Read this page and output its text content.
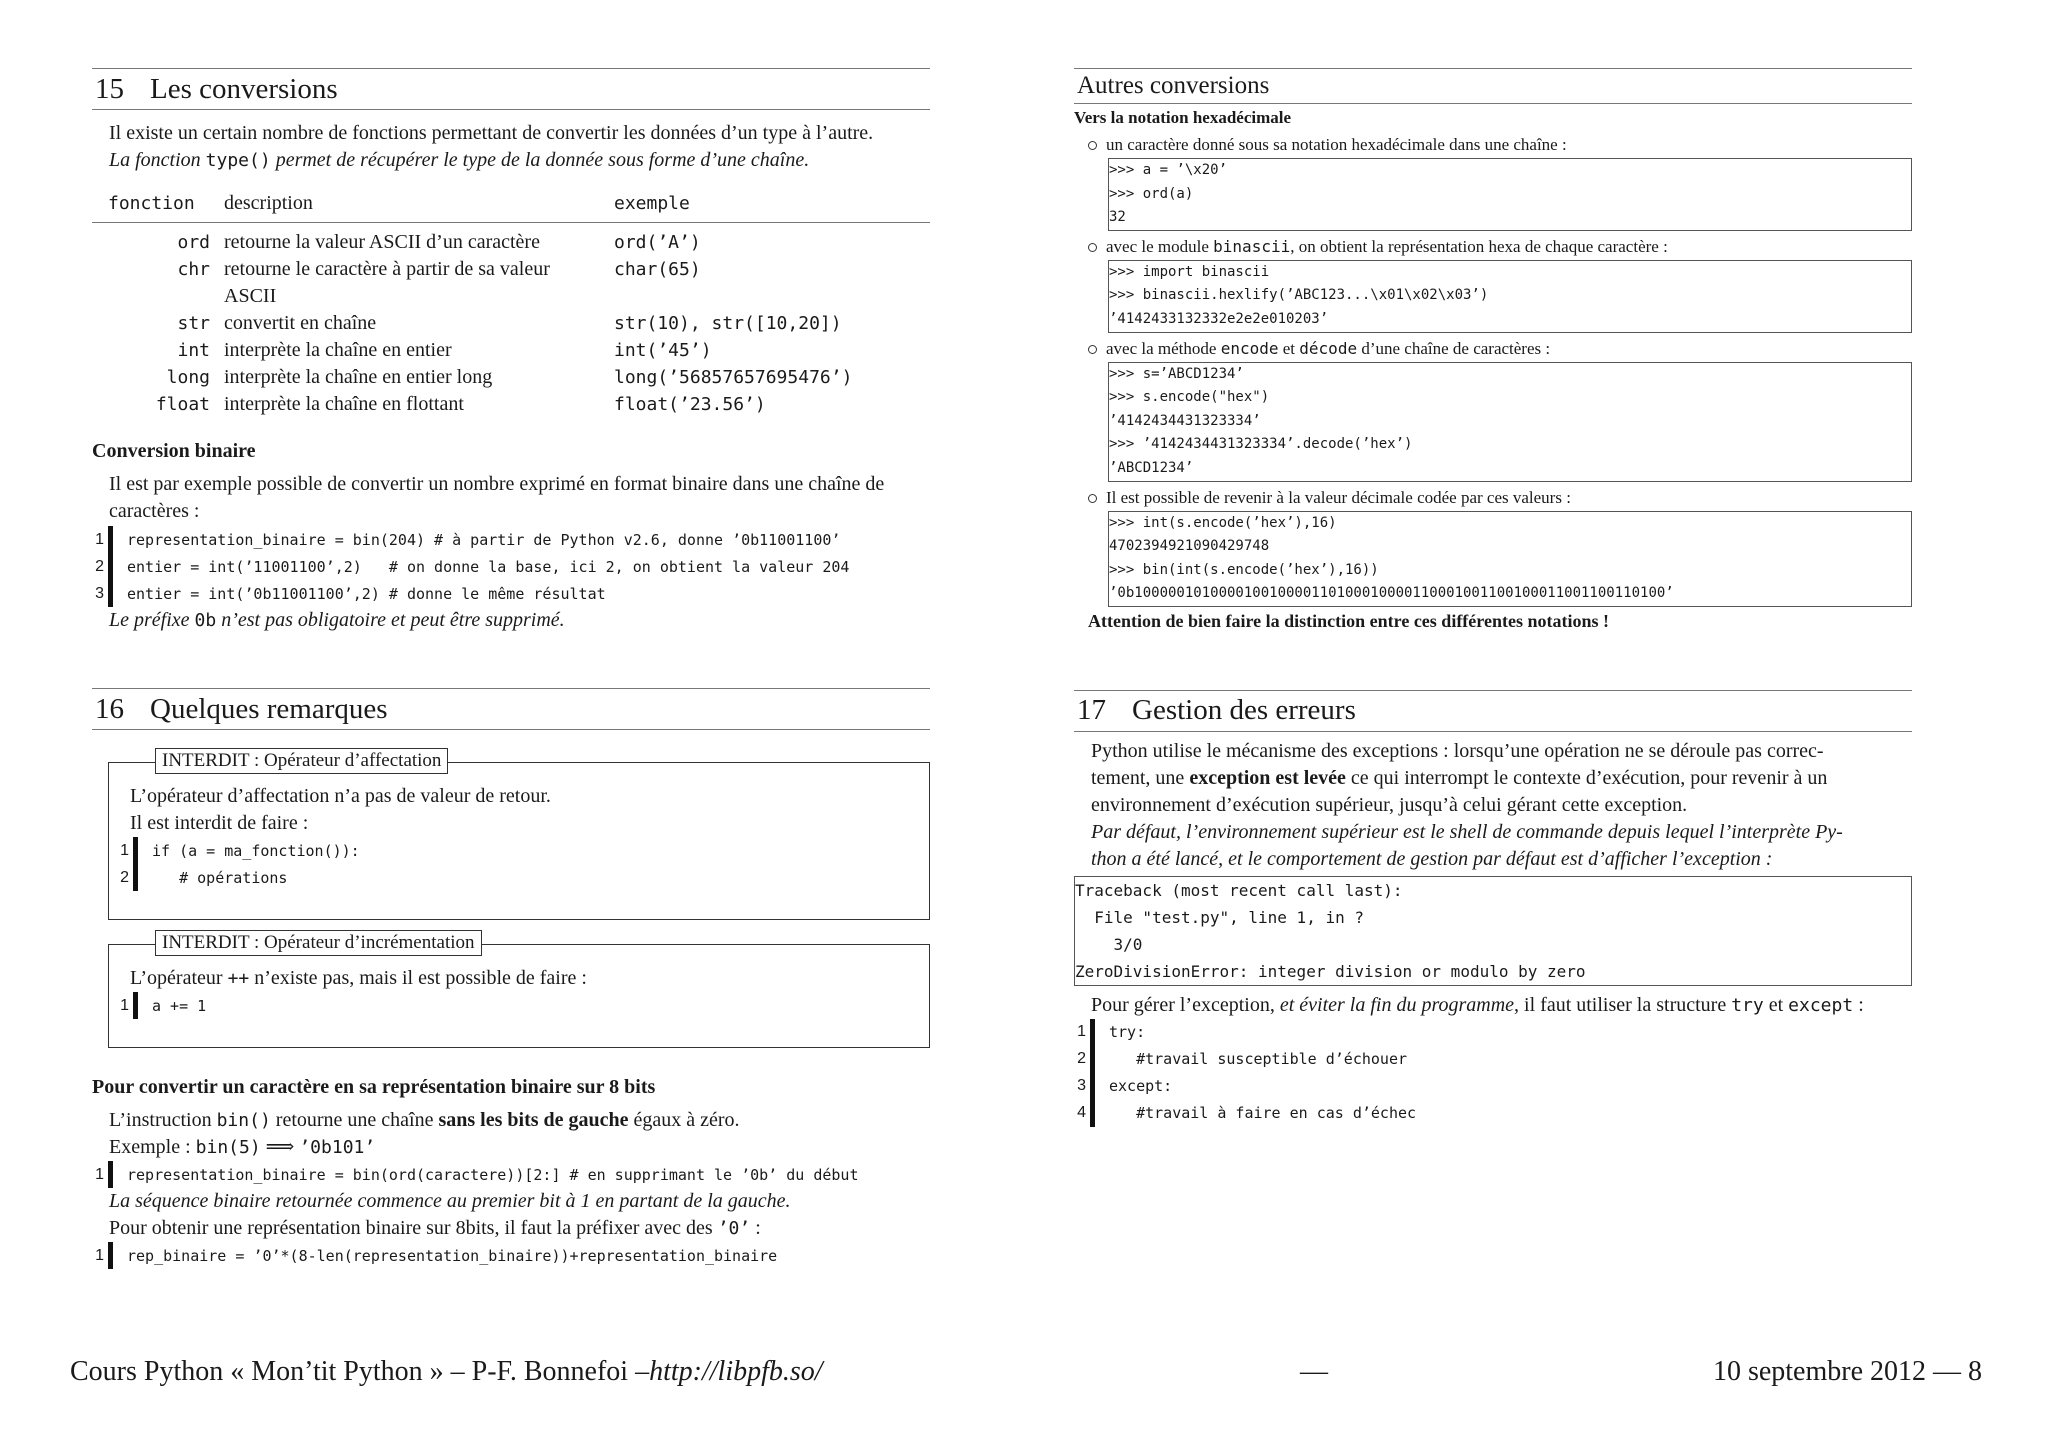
15 Les conversions
Il existe un certain nombre de fonctions permettant de convertir les données d’un type à l’autre.
La fonction type() permet de récupérer le type de la donnée sous forme d’une chaîne.
fonction	description	exemple
ord	retourne la valeur ASCII d’un caractère	ord(’A’)
chr	retourne le caractère à partir de sa valeur ASCII	char(65)
str	convertit en chaîne	str(10), str([10,20])
int	interprète la chaîne en entier	int(’45’)
long	interprète la chaîne en entier long	long(’56857657695476’)
float	interprète la chaîne en flottant	float(’23.56’)
Conversion binaire
Il est par exemple possible de convertir un nombre exprimé en format binaire dans une chaîne de caractères :
1 representation_binaire = bin(204) # à partir de Python v2.6, donne ’0b11001100’
2 entier = int(’11001100’,2)   # on donne la base, ici 2, on obtient la valeur 204
3 entier = int(’0b11001100’,2) # donne le même résultat
Le préfixe 0b n’est pas obligatoire et peut être supprimé.
16 Quelques remarques
INTERDIT : Opérateur d’affectation
L’opérateur d’affectation n’a pas de valeur de retour.
Il est interdit de faire :
1 if (a = ma_fonction()):
2 # opérations
INTERDIT : Opérateur d’incrémentation
L’opérateur ++ n’existe pas, mais il est possible de faire :
1 a += 1
Pour convertir un caractère en sa représentation binaire sur 8 bits
L’instruction bin() retourne une chaîne sans les bits de gauche égaux à zéro.
Exemple : bin(5) ⟹ ’0b101’
1 representation_binaire = bin(ord(caractere))[2:] # en supprimant le ’0b’ du début
La séquence binaire retournée commence au premier bit à 1 en partant de la gauche.
Pour obtenir une représentation binaire sur 8bits, il faut la préfixer avec des ’0’ :
1 rep_binaire = ’0’*(8-len(representation_binaire))+representation_binaire
Autres conversions
Vers la notation hexadécimale
un caractère donné sous sa notation hexadécimale dans une chaîne :
>>> a = ’\x20’
>>> ord(a)
32
avec le module binascii, on obtient la représentation hexa de chaque caractère :
>>> import binascii
>>> binascii.hexlify(’ABC123...\x01\x02\x03’)
’4142433132332e2e2e010203’
avec la méthode encode et décode d’une chaîne de caractères :
>>> s=’ABCD1234’
>>> s.encode("hex")
’4142434431323334’
>>> ’4142434431323334’.decode(’hex’)
’ABCD1234’
Il est possible de revenir à la valeur décimale codée par ces valeurs :
>>> int(s.encode(’hex’),16)
4702394921090429748
>>> bin(int(s.encode(’hex’),16))
’0b100000101000010010000110100010000110001001100100011001100110100’
Attention de bien faire la distinction entre ces différentes notations !
17 Gestion des erreurs
Python utilise le mécanisme des exceptions : lorsqu’une opération ne se déroule pas correc-
tement, une exception est levée ce qui interrompt le contexte d’exécution, pour revenir à un
environnement d’exécution supérieur, jusqu’à celui gérant cette exception.
Par défaut, l’environnement supérieur est le shell de commande depuis lequel l’interprète Py-
thon a été lancé, et le comportement de gestion par défaut est d’afficher l’exception :
Traceback (most recent call last):
File "test.py", line 1, in ?
3/0
ZeroDivisionError: integer division or modulo by zero
Pour gérer l’exception, et éviter la fin du programme, il faut utiliser la structure try et except :
1 try:
2 #travail susceptible d’échouer
3 except:
4 #travail à faire en cas d’échec
Cours Python « Mon’tit Python » – P-F. Bonnefoi – http://libpfb.so/	—	10 septembre 2012 — 8
